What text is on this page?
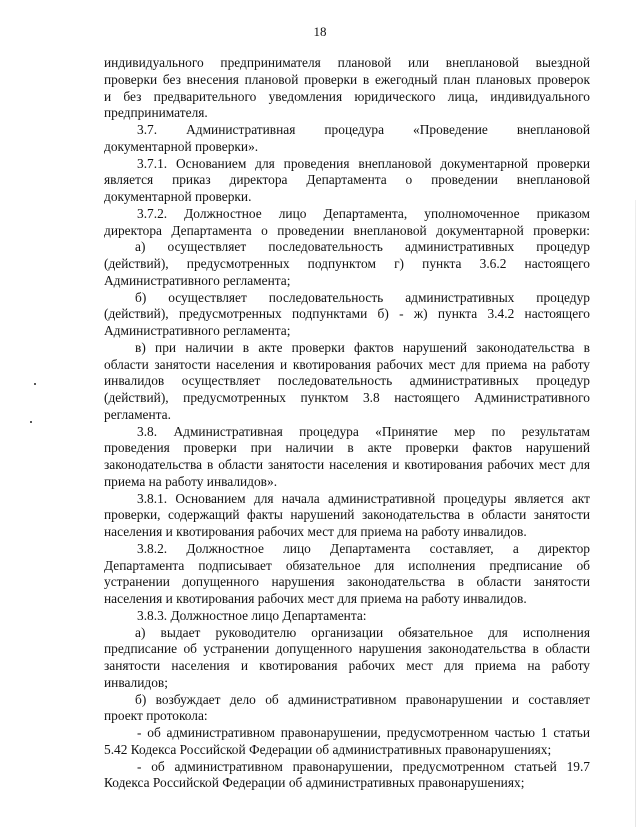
18
индивидуального предпринимателя плановой или внеплановой выездной
проверки без внесения плановой проверки в ежегодный план плановых проверок
и без предварительного уведомления юридического лица, индивидуального
предпринимателя.
3.7. Административная процедура «Проведение внеплановой
документарной проверки».
3.7.1. Основанием для проведения внеплановой документарной проверки
является приказ директора Департамента о проведении внеплановой
документарной проверки.
3.7.2. Должностное лицо Департамента, уполномоченное приказом
директора Департамента о проведении внеплановой документарной проверки:
а) осуществляет последовательность административных процедур
(действий), предусмотренных подпунктом г) пункта 3.6.2 настоящего
Административного регламента;
б) осуществляет последовательность административных процедур
(действий), предусмотренных подпунктами б) - ж) пункта 3.4.2 настоящего
Административного регламента;
в) при наличии в акте проверки фактов нарушений законодательства в
области занятости населения и квотирования рабочих мест для приема на работу
инвалидов осуществляет последовательность административных процедур
(действий), предусмотренных пунктом 3.8 настоящего Административного
регламента.
3.8. Административная процедура «Принятие мер по результатам
проведения проверки при наличии в акте проверки фактов нарушений
законодательства в области занятости населения и квотирования рабочих мест для
приема на работу инвалидов».
3.8.1. Основанием для начала административной процедуры является акт
проверки, содержащий факты нарушений законодательства в области занятости
населения и квотирования рабочих мест для приема на работу инвалидов.
3.8.2. Должностное лицо Департамента составляет, а директор
Департамента подписывает обязательное для исполнения предписание об
устранении допущенного нарушения законодательства в области занятости
населения и квотирования рабочих мест для приема на работу инвалидов.
3.8.3. Должностное лицо Департамента:
а) выдает руководителю организации обязательное для исполнения
предписание об устранении допущенного нарушения законодательства в области
занятости населения и квотирования рабочих мест для приема на работу
инвалидов;
б) возбуждает дело об административном правонарушении и составляет
проект протокола:
- об административном правонарушении, предусмотренном частью 1 статьи
5.42 Кодекса Российской Федерации об административных правонарушениях;
- об административном правонарушении, предусмотренном статьей 19.7
Кодекса Российской Федерации об административных правонарушениях;
